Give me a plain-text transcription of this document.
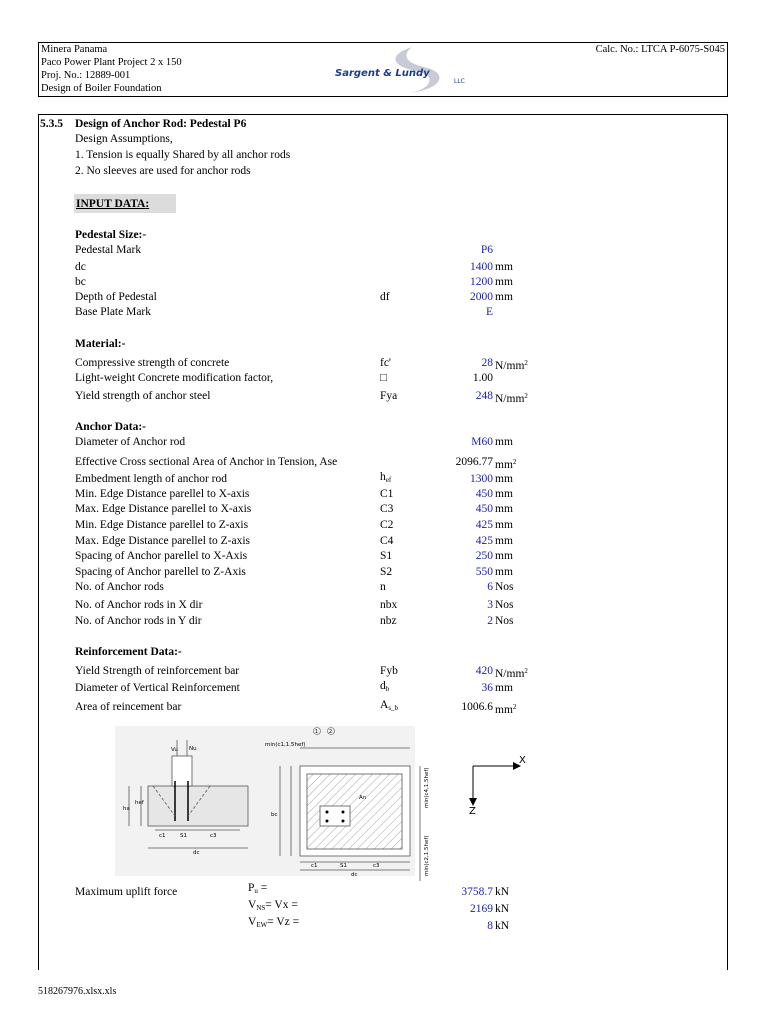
Minera Panama
Paco Power Plant Project 2 x 150
Proj. No.: 12889-001
Design of Boiler Foundation
Calc. No.: LTCA P-6075-S045
Sargent & Lundy
LLC
5.3.5 Design of Anchor Rod: Pedestal P6
Design Assumptions,
1. Tension is equally Shared by all anchor rods
2. No sleeves are used for anchor rods
INPUT DATA:
Pedestal Size:-
Pedestal Mark	P6
dc	1400 mm
bc	1200 mm
Depth of Pedestal	df	2000 mm
Base Plate Mark	E
Material:-
Compressive strength of concrete	fc'	28 $N/mm^2$
Light-weight Concrete modification factor,	□	1.00
Yield strength of anchor steel	Fya	248 $N/mm^2$
Anchor Data:-
Diameter of Anchor rod	M60 mm
Effective Cross sectional Area of Anchor in Tension, Ase	2096.77 $mm^2$
Embedment length of anchor rod	$h_{ef}$	1300 mm
Min. Edge Distance parellel to X-axis	C1	450 mm
Max. Edge Distance parellel to X-axis	C3	450 mm
Min. Edge Distance parellel to Z-axis	C2	425 mm
Max. Edge Distance parellel to Z-axis	C4	425 mm
Spacing of Anchor parellel to X-Axis	S1	250 mm
Spacing of Anchor parellel to Z-Axis	S2	550 mm
No. of Anchor rods	n	6 Nos
No. of Anchor rods in X dir	nbx	3 Nos
No. of Anchor rods in Y dir	nbz	2 Nos
Reinforcement Data:-
Yield Strength of reinforcement bar	Fyb	420 $N/mm^2$
Diameter of Vertical Reinforcement	$d_b$	36 mm
Area of reincement bar	$A_{s\_b}$	1006.6 $mm^2$
Vu Nu
ha
hef
c1	S1	c3
dc
1 2
min(c1,1.5hef)
An
bc
c1	S1	c3
dc
min(c4,1.5hef)
min(c2,1.5hef)
X
Z
Maximum uplift force	$P_u$ =	3758.7 kN
$V_{NS}= Vx$ =	2169 kN
$V_{EW}= Vz$ =	8 kN
518267976.xlsx.xls
